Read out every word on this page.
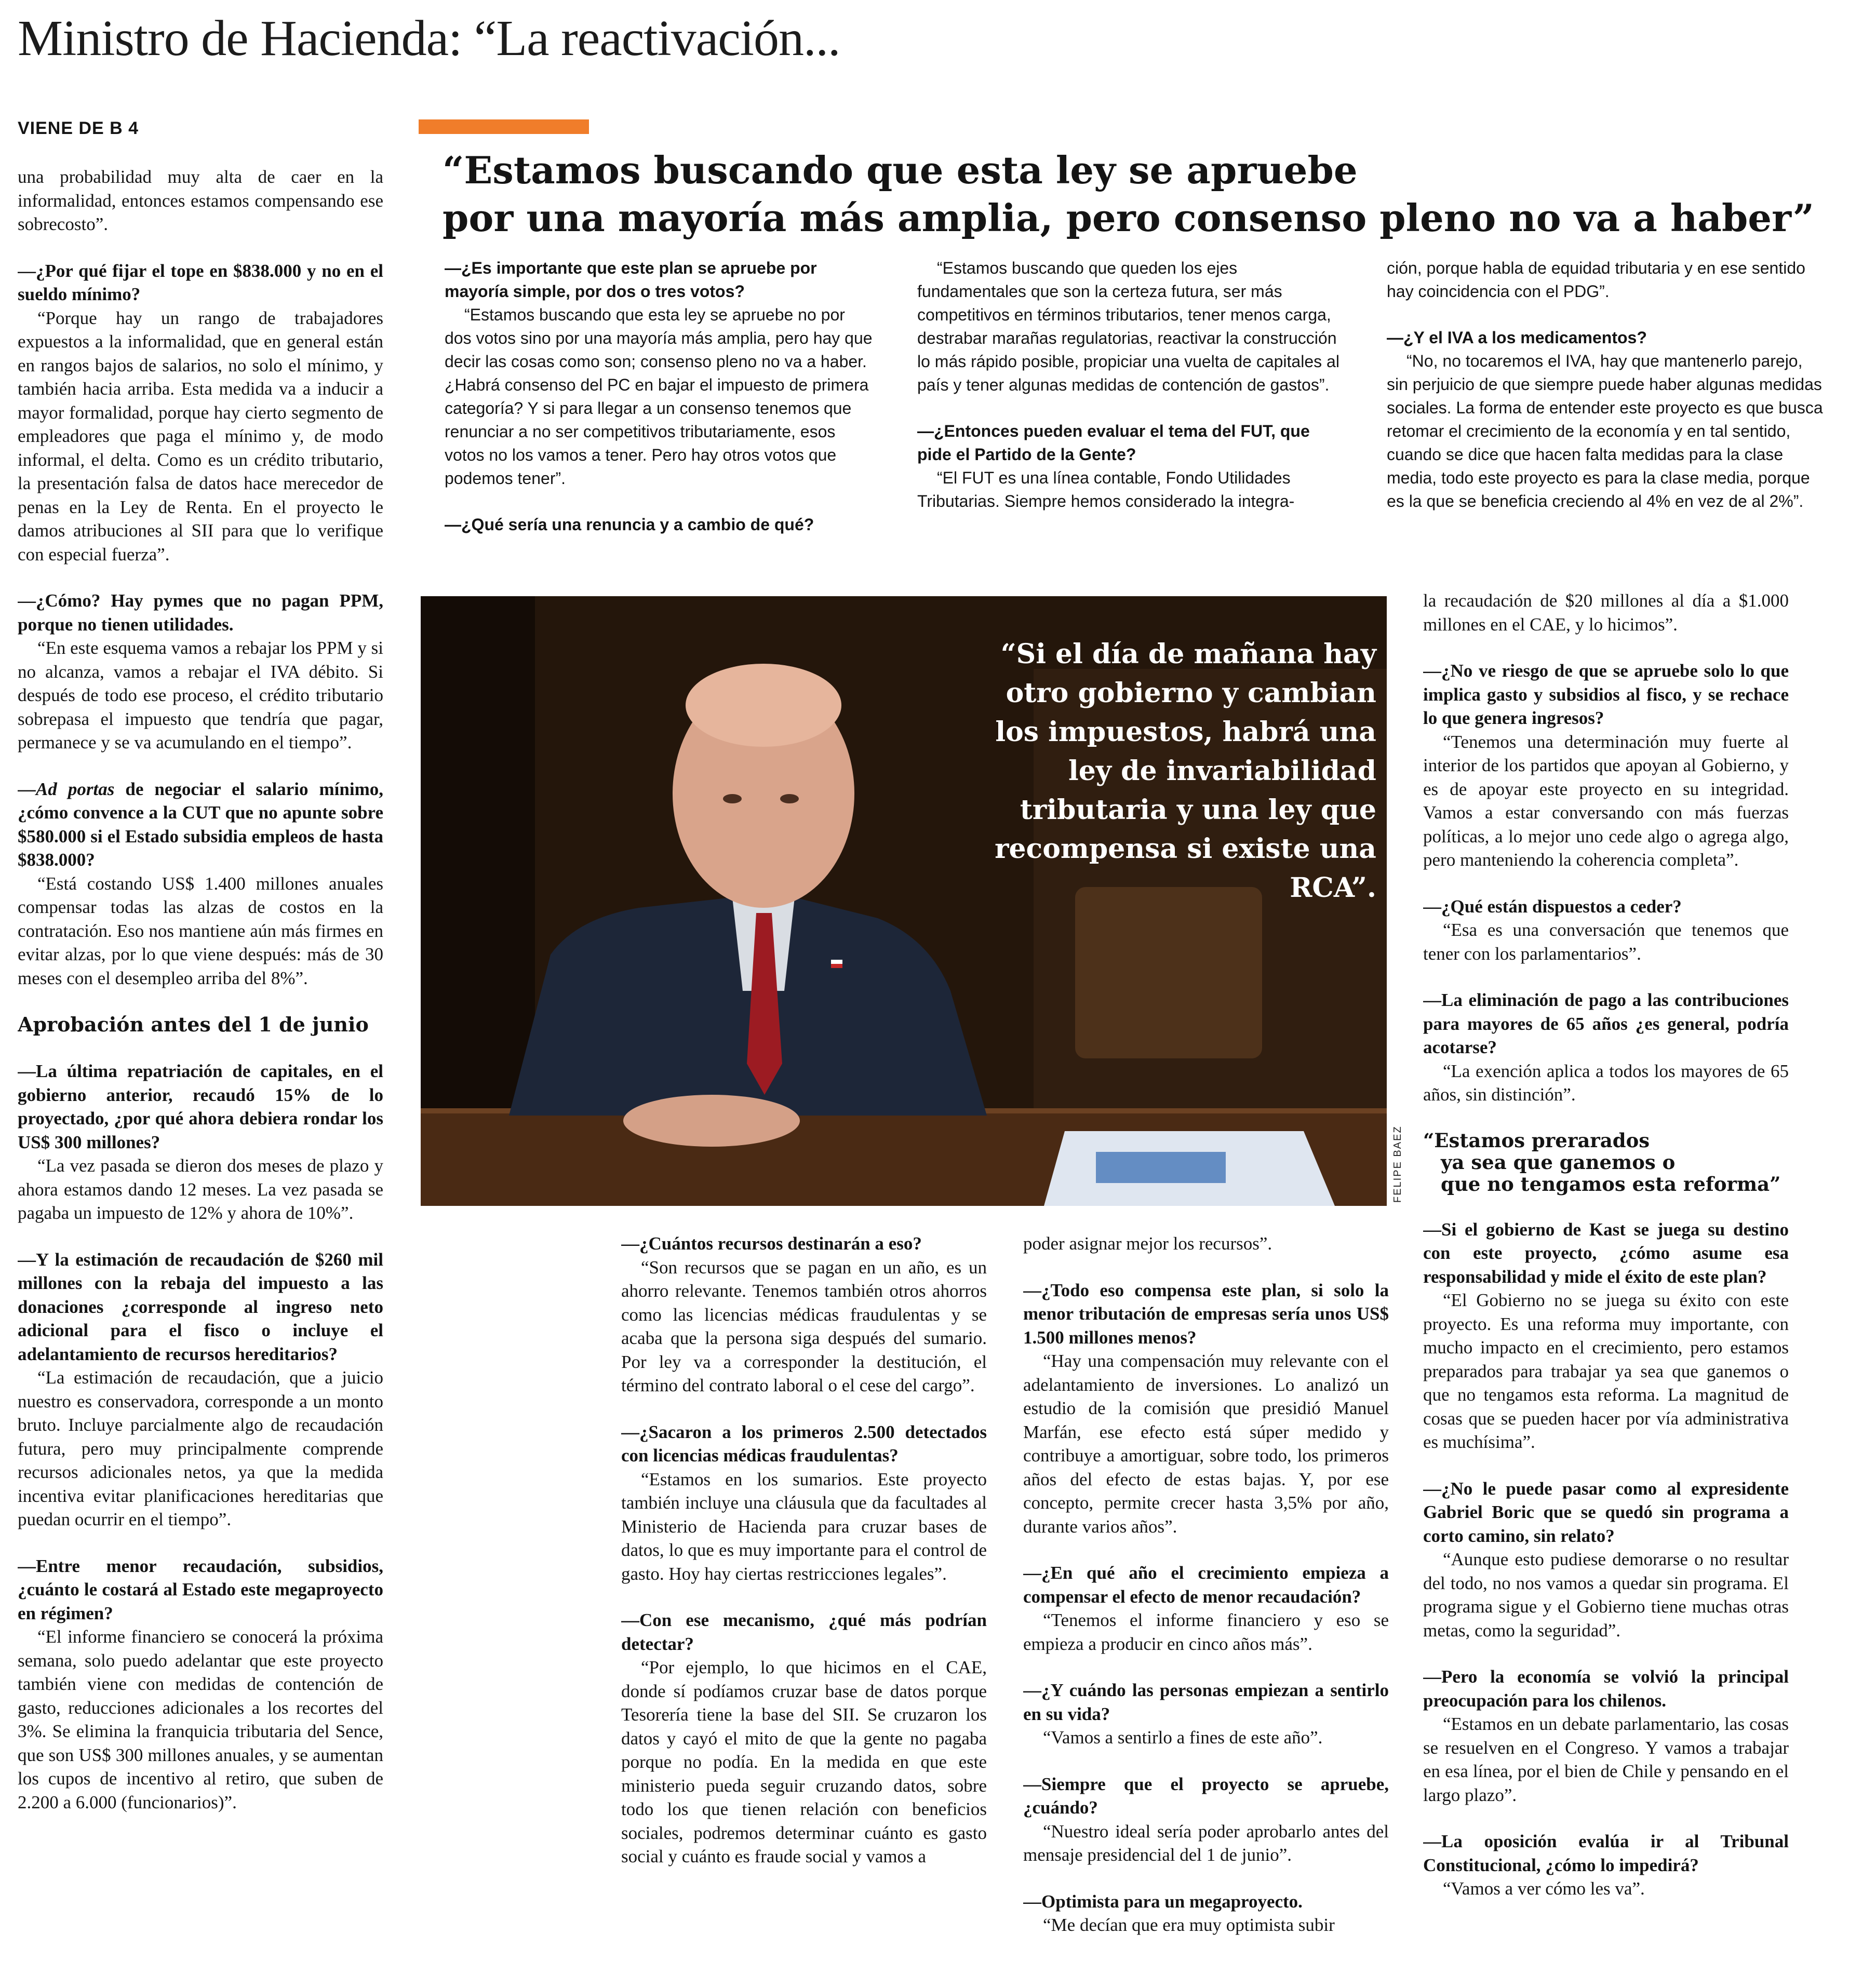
Ministro de Hacienda: “La reactivación...
VIENE DE B 4
“Estamos buscando que esta ley se apruebe
por una mayoría más amplia, pero consenso pleno no va a haber”

una probabilidad muy alta de caer en la informalidad, entonces estamos compensando ese sobrecosto”.

—¿Por qué fijar el tope en $838.000 y no en el sueldo mínimo?
“Porque hay un rango de trabajadores expuestos a la informalidad, que en general están en rangos bajos de salarios, no solo el mínimo, y también hacia arriba. Esta medida va a inducir a mayor formalidad, porque hay cierto segmento de empleadores que paga el mínimo y, de modo informal, el delta. Como es un crédito tributario, la presentación falsa de datos hace merecedor de penas en la Ley de Renta. En el proyecto le damos atribuciones al SII para que lo verifique con especial fuerza”.

—¿Cómo? Hay pymes que no pagan PPM, porque no tienen utilidades.
“En este esquema vamos a rebajar los PPM y si no alcanza, vamos a rebajar el IVA débito. Si después de todo ese proceso, el crédito tributario sobrepasa el impuesto que tendría que pagar, permanece y se va acumulando en el tiempo”.

—Ad portas de negociar el salario mínimo, ¿cómo convence a la CUT que no apunte sobre $580.000 si el Estado subsidia empleos de hasta $838.000?
“Está costando US$ 1.400 millones anuales compensar todas las alzas de costos en la contratación. Eso nos mantiene aún más firmes en evitar alzas, por lo que viene después: más de 30 meses con el desempleo arriba del 8%”.

Aprobación antes del 1 de junio

—La última repatriación de capitales, en el gobierno anterior, recaudó 15% de lo proyectado, ¿por qué ahora debiera rondar los US$ 300 millones?
“La vez pasada se dieron dos meses de plazo y ahora estamos dando 12 meses. La vez pasada se pagaba un impuesto de 12% y ahora de 10%”.

—Y la estimación de recaudación de $260 mil millones con la rebaja del impuesto a las donaciones ¿corresponde al ingreso neto adicional para el fisco o incluye el adelantamiento de recursos hereditarios?
“La estimación de recaudación, que a juicio nuestro es conservadora, corresponde a un monto bruto. Incluye parcialmente algo de recaudación futura, pero muy principalmente comprende recursos adicionales netos, ya que la medida incentiva evitar planificaciones hereditarias que puedan ocurrir en el tiempo”.

—Entre menor recaudación, subsidios, ¿cuánto le costará al Estado este megaproyecto en régimen?
“El informe financiero se conocerá la próxima semana, solo puedo adelantar que este proyecto también viene con medidas de contención de gasto, reducciones adicionales a los recortes del 3%. Se elimina la franquicia tributaria del Sence, que son US$ 300 millones anuales, y se aumentan los cupos de incentivo al retiro, que suben de 2.200 a 6.000 (funcionarios)”.

—¿Es importante que este plan se apruebe por mayoría simple, por dos o tres votos?
“Estamos buscando que esta ley se apruebe no por dos votos sino por una mayoría más amplia, pero hay que decir las cosas como son; consenso pleno no va a haber. ¿Habrá consenso del PC en bajar el impuesto de primera categoría? Y si para llegar a un consenso tenemos que renunciar a no ser competitivos tributariamente, esos votos no los vamos a tener. Pero hay otros votos que podemos tener”.

—¿Qué sería una renuncia y a cambio de qué?

“Estamos buscando que queden los ejes fundamentales que son la certeza futura, ser más competitivos en términos tributarios, tener menos carga, destrabar marañas regulatorias, reactivar la construcción lo más rápido posible, propiciar una vuelta de capitales al país y tener algunas medidas de contención de gastos”.

—¿Entonces pueden evaluar el tema del FUT, que pide el Partido de la Gente?
“El FUT es una línea contable, Fondo Utilidades Tributarias. Siempre hemos considerado la integra-

ción, porque habla de equidad tributaria y en ese sentido hay coincidencia con el PDG”.

—¿Y el IVA a los medicamentos?
“No, no tocaremos el IVA, hay que mantenerlo parejo, sin perjuicio de que siempre puede haber algunas medidas sociales. La forma de entender este proyecto es que busca retomar el crecimiento de la economía y en tal sentido, cuando se dice que hacen falta medidas para la clase media, todo este proyecto es para la clase media, porque es la que se beneficia creciendo al 4% en vez de al 2%”.

“Si el día de mañana hay otro gobierno y cambian los impuestos, habrá una ley de invariabilidad tributaria y una ley que recompensa si existe una RCA”.
FELIPE BAEZ

—¿Cuántos recursos destinarán a eso?
“Son recursos que se pagan en un año, es un ahorro relevante. Tenemos también otros ahorros como las licencias médicas fraudulentas y se acaba que la persona siga después del sumario. Por ley va a corresponder la destitución, el término del contrato laboral o el cese del cargo”.

—¿Sacaron a los primeros 2.500 detectados con licencias médicas fraudulentas?
“Estamos en los sumarios. Este proyecto también incluye una cláusula que da facultades al Ministerio de Hacienda para cruzar bases de datos, lo que es muy importante para el control de gasto. Hoy hay ciertas restricciones legales”.

—Con ese mecanismo, ¿qué más podrían detectar?
“Por ejemplo, lo que hicimos en el CAE, donde sí podíamos cruzar base de datos porque Tesorería tiene la base del SII. Se cruzaron los datos y cayó el mito de que la gente no pagaba porque no podía. En la medida en que este ministerio pueda seguir cruzando datos, sobre todo los que tienen relación con beneficios sociales, podremos determinar cuánto es gasto social y cuánto es fraude social y vamos a

poder asignar mejor los recursos”.

—¿Todo eso compensa este plan, si solo la menor tributación de empresas sería unos US$ 1.500 millones menos?
“Hay una compensación muy relevante con el adelantamiento de inversiones. Lo analizó un estudio de la comisión que presidió Manuel Marfán, ese efecto está súper medido y contribuye a amortiguar, sobre todo, los primeros años del efecto de estas bajas. Y, por ese concepto, permite crecer hasta 3,5% por año, durante varios años”.

—¿En qué año el crecimiento empieza a compensar el efecto de menor recaudación?
“Tenemos el informe financiero y eso se empieza a producir en cinco años más”.

—¿Y cuándo las personas empiezan a sentirlo en su vida?
“Vamos a sentirlo a fines de este año”.

—Siempre que el proyecto se apruebe, ¿cuándo?
“Nuestro ideal sería poder aprobarlo antes del mensaje presidencial del 1 de junio”.

—Optimista para un megaproyecto.
“Me decían que era muy optimista subir

la recaudación de $20 millones al día a $1.000 millones en el CAE, y lo hicimos”.

—¿No ve riesgo de que se apruebe solo lo que implica gasto y subsidios al fisco, y se rechace lo que genera ingresos?
“Tenemos una determinación muy fuerte al interior de los partidos que apoyan al Gobierno, y es de apoyar este proyecto en su integridad. Vamos a estar conversando con más fuerzas políticas, a lo mejor uno cede algo o agrega algo, pero manteniendo la coherencia completa”.

—¿Qué están dispuestos a ceder?
“Esa es una conversación que tenemos que tener con los parlamentarios”.

—La eliminación de pago a las contribuciones para mayores de 65 años ¿es general, podría acotarse?
“La exención aplica a todos los mayores de 65 años, sin distinción”.

“Estamos prerarados
ya sea que ganemos o
que no tengamos esta reforma”

—Si el gobierno de Kast se juega su destino con este proyecto, ¿cómo asume esa responsabilidad y mide el éxito de este plan?
“El Gobierno no se juega su éxito con este proyecto. Es una reforma muy importante, con mucho impacto en el crecimiento, pero estamos preparados para trabajar ya sea que ganemos o que no tengamos esta reforma. La magnitud de cosas que se pueden hacer por vía administrativa es muchísima”.

—¿No le puede pasar como al expresidente Gabriel Boric que se quedó sin programa a corto camino, sin relato?
“Aunque esto pudiese demorarse o no resultar del todo, no nos vamos a quedar sin programa. El programa sigue y el Gobierno tiene muchas otras metas, como la seguridad”.

—Pero la economía se volvió la principal preocupación para los chilenos.
“Estamos en un debate parlamentario, las cosas se resuelven en el Congreso. Y vamos a trabajar en esa línea, por el bien de Chile y pensando en el largo plazo”.

—La oposición evalúa ir al Tribunal Constitucional, ¿cómo lo impedirá?
“Vamos a ver cómo les va”.
